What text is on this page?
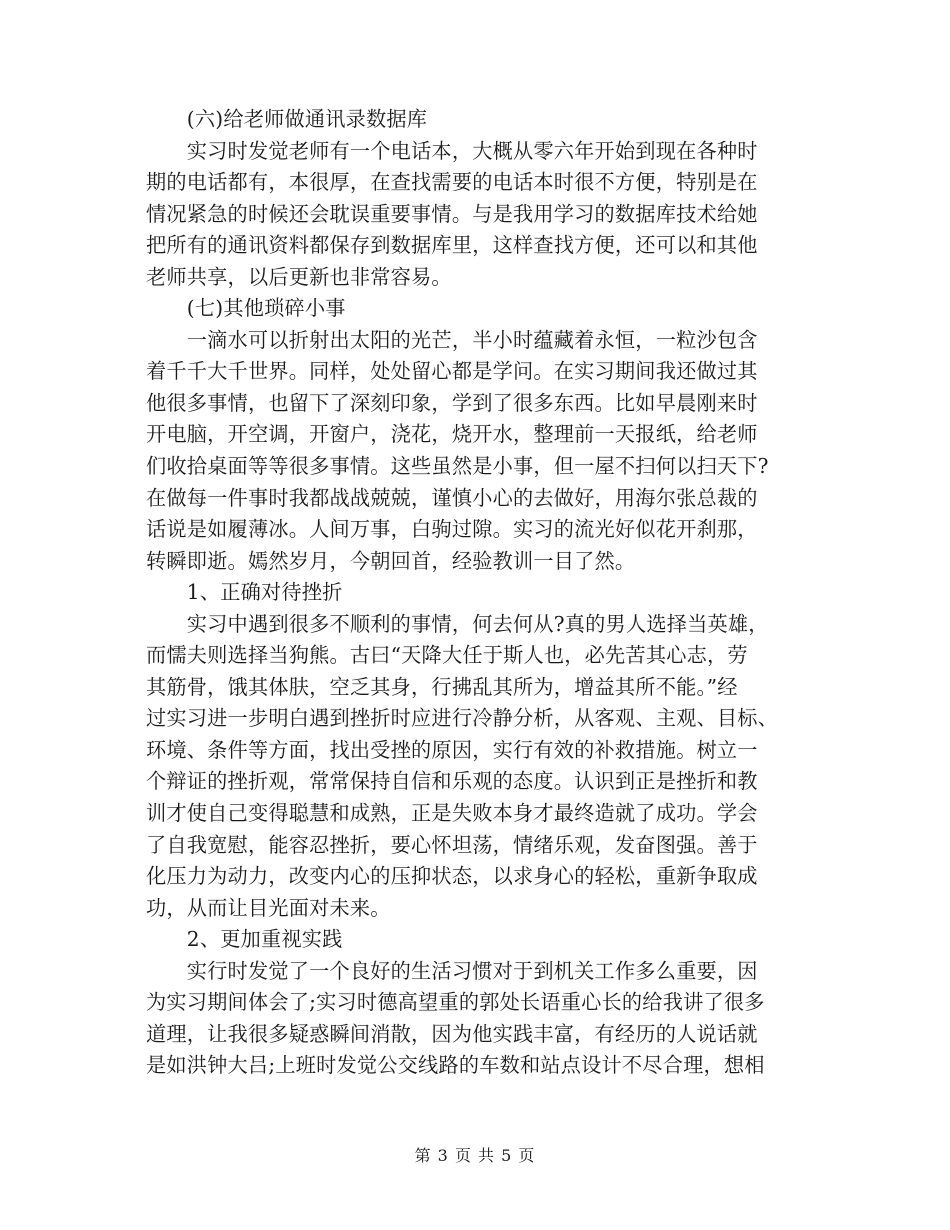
　　(六)给老师做通讯录数据库
　　实习时发觉老师有一个电话本，大概从零六年开始到现在各种时
期的电话都有，本很厚，在查找需要的电话本时很不方便，特别是在
情况紧急的时候还会耽误重要事情。与是我用学习的数据库技术给她
把所有的通讯资料都保存到数据库里，这样查找方便，还可以和其他
老师共享，以后更新也非常容易。
　　(七)其他琐碎小事
　　一滴水可以折射出太阳的光芒，半小时蕴藏着永恒，一粒沙包含
着千千大千世界。同样，处处留心都是学问。在实习期间我还做过其
他很多事情，也留下了深刻印象，学到了很多东西。比如早晨刚来时
开电脑，开空调，开窗户，浇花，烧开水，整理前一天报纸，给老师
们收拾桌面等等很多事情。这些虽然是小事，但一屋不扫何以扫天下?
在做每一件事时我都战战兢兢，谨慎小心的去做好，用海尔张总裁的
话说是如履薄冰。人间万事，白驹过隙。实习的流光好似花开刹那，
转瞬即逝。嫣然岁月，今朝回首，经验教训一目了然。
　　1、正确对待挫折
　　实习中遇到很多不顺利的事情，何去何从?真的男人选择当英雄，
而懦夫则选择当狗熊。古曰“天降大任于斯人也，必先苦其心志，劳
其筋骨，饿其体肤，空乏其身，行拂乱其所为，增益其所不能。”经
过实习进一步明白遇到挫折时应进行冷静分析，从客观、主观、目标、
环境、条件等方面，找出受挫的原因，实行有效的补救措施。树立一
个辩证的挫折观，常常保持自信和乐观的态度。认识到正是挫折和教
训才使自己变得聪慧和成熟，正是失败本身才最终造就了成功。学会
了自我宽慰，能容忍挫折，要心怀坦荡，情绪乐观，发奋图强。善于
化压力为动力，改变内心的压抑状态，以求身心的轻松，重新争取成
功，从而让目光面对未来。
　　2、更加重视实践
　　实行时发觉了一个良好的生活习惯对于到机关工作多么重要，因
为实习期间体会了;实习时德高望重的郭处长语重心长的给我讲了很多
道理，让我很多疑惑瞬间消散，因为他实践丰富，有经历的人说话就
是如洪钟大吕;上班时发觉公交线路的车数和站点设计不尽合理，想相
第 3 页 共 5 页
